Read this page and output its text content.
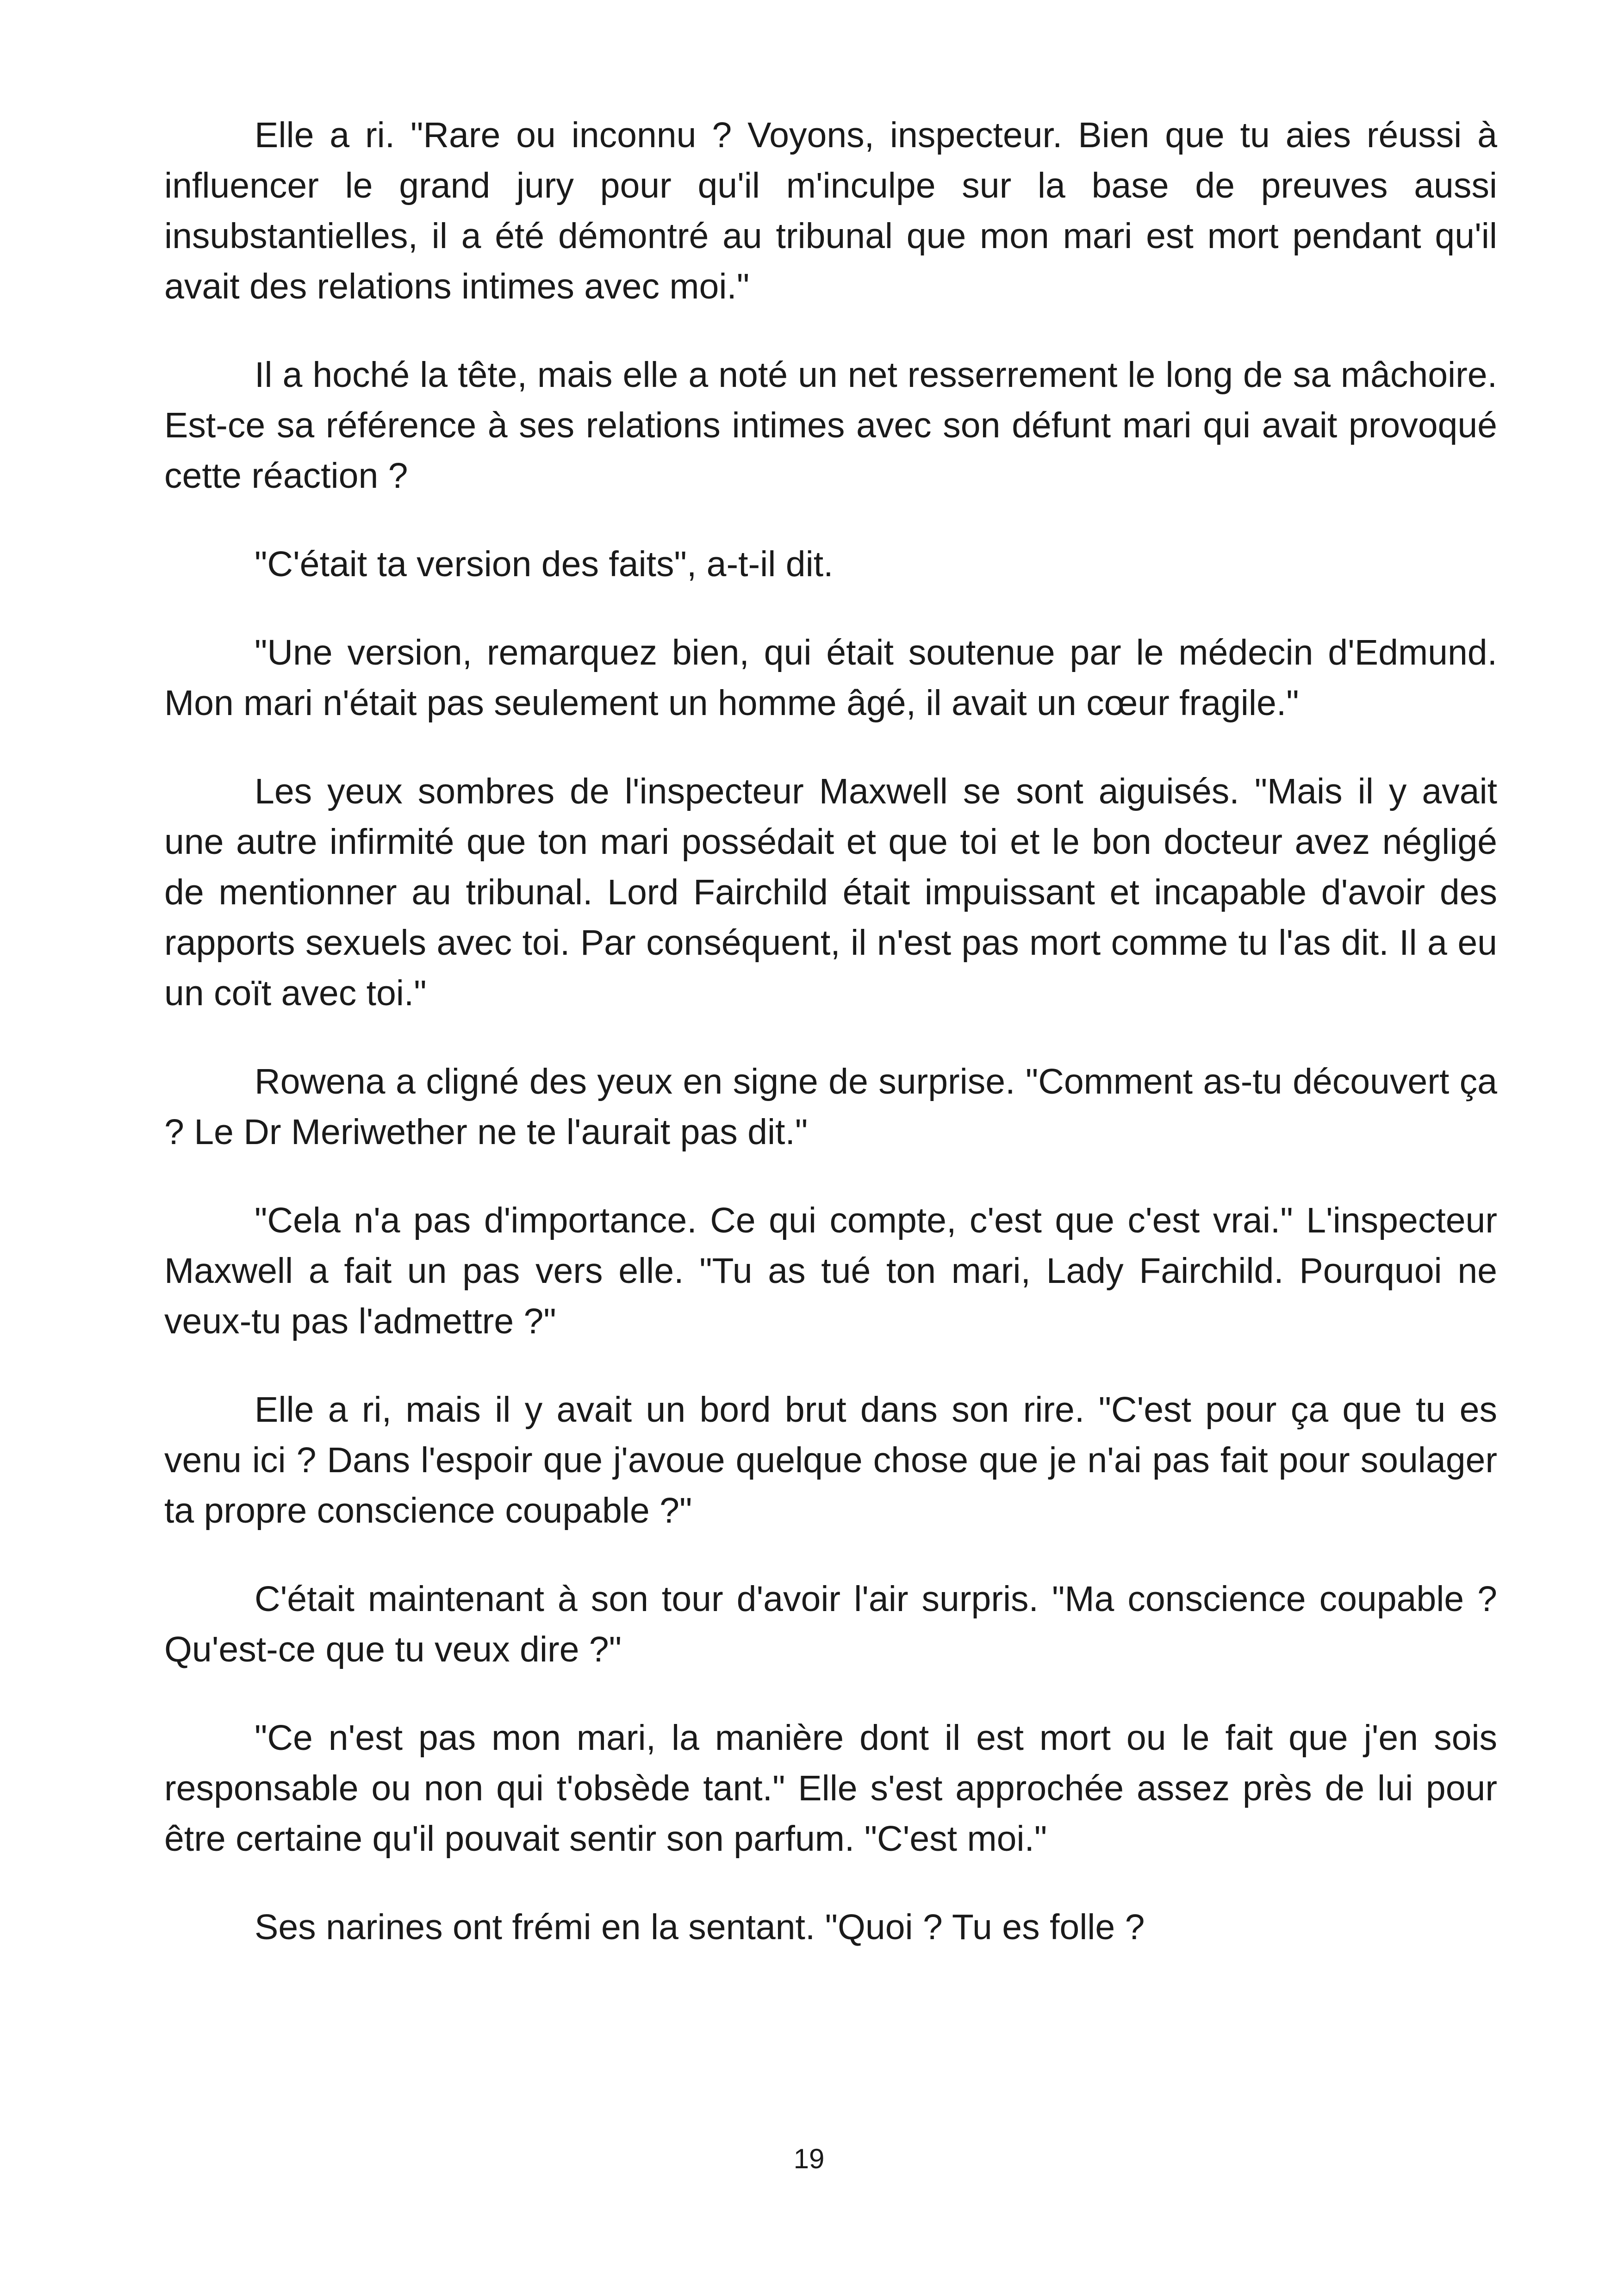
Elle a ri. "Rare ou inconnu ? Voyons, inspecteur. Bien que tu aies réussi à influencer le grand jury pour qu'il m'inculpe sur la base de preuves aussi insubstantielles, il a été démontré au tribunal que mon mari est mort pendant qu'il avait des relations intimes avec moi."

Il a hoché la tête, mais elle a noté un net resserrement le long de sa mâchoire. Est-ce sa référence à ses relations intimes avec son défunt mari qui avait provoqué cette réaction ?

"C'était ta version des faits", a-t-il dit.

"Une version, remarquez bien, qui était soutenue par le médecin d'Edmund. Mon mari n'était pas seulement un homme âgé, il avait un cœur fragile."

Les yeux sombres de l'inspecteur Maxwell se sont aiguisés. "Mais il y avait une autre infirmité que ton mari possédait et que toi et le bon docteur avez négligé de mentionner au tribunal. Lord Fairchild était impuissant et incapable d'avoir des rapports sexuels avec toi. Par conséquent, il n'est pas mort comme tu l'as dit. Il a eu un coït avec toi."

Rowena a cligné des yeux en signe de surprise. "Comment as-tu découvert ça ? Le Dr Meriwether ne te l'aurait pas dit."

"Cela n'a pas d'importance. Ce qui compte, c'est que c'est vrai." L'inspecteur Maxwell a fait un pas vers elle. "Tu as tué ton mari, Lady Fairchild. Pourquoi ne veux-tu pas l'admettre ?"

Elle a ri, mais il y avait un bord brut dans son rire. "C'est pour ça que tu es venu ici ? Dans l'espoir que j'avoue quelque chose que je n'ai pas fait pour soulager ta propre conscience coupable ?"

C'était maintenant à son tour d'avoir l'air surpris. "Ma conscience coupable ? Qu'est-ce que tu veux dire ?"

"Ce n'est pas mon mari, la manière dont il est mort ou le fait que j'en sois responsable ou non qui t'obsède tant." Elle s'est approchée assez près de lui pour être certaine qu'il pouvait sentir son parfum. "C'est moi."

Ses narines ont frémi en la sentant. "Quoi ? Tu es folle ?

19
